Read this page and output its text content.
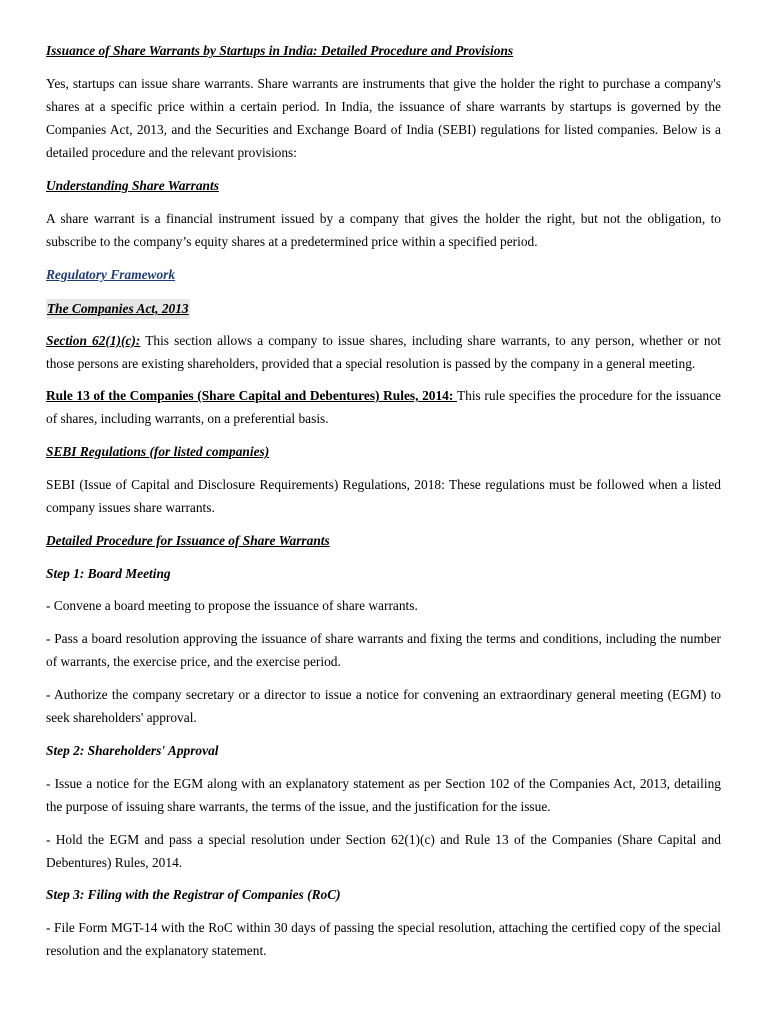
Issuance of Share Warrants by Startups in India: Detailed Procedure and Provisions

Yes, startups can issue share warrants. Share warrants are instruments that give the holder the right to purchase a company's shares at a specific price within a certain period. In India, the issuance of share warrants by startups is governed by the Companies Act, 2013, and the Securities and Exchange Board of India (SEBI) regulations for listed companies. Below is a detailed procedure and the relevant provisions:

Understanding Share Warrants

A share warrant is a financial instrument issued by a company that gives the holder the right, but not the obligation, to subscribe to the company’s equity shares at a predetermined price within a specified period.

Regulatory Framework

The Companies Act, 2013

Section 62(1)(c): This section allows a company to issue shares, including share warrants, to any person, whether or not those persons are existing shareholders, provided that a special resolution is passed by the company in a general meeting.

Rule 13 of the Companies (Share Capital and Debentures) Rules, 2014: This rule specifies the procedure for the issuance of shares, including warrants, on a preferential basis.

SEBI Regulations (for listed companies)

SEBI (Issue of Capital and Disclosure Requirements) Regulations, 2018: These regulations must be followed when a listed company issues share warrants.

Detailed Procedure for Issuance of Share Warrants

Step 1: Board Meeting

- Convene a board meeting to propose the issuance of share warrants.

- Pass a board resolution approving the issuance of share warrants and fixing the terms and conditions, including the number of warrants, the exercise price, and the exercise period.

- Authorize the company secretary or a director to issue a notice for convening an extraordinary general meeting (EGM) to seek shareholders' approval.

Step 2: Shareholders' Approval

- Issue a notice for the EGM along with an explanatory statement as per Section 102 of the Companies Act, 2013, detailing the purpose of issuing share warrants, the terms of the issue, and the justification for the issue.

- Hold the EGM and pass a special resolution under Section 62(1)(c) and Rule 13 of the Companies (Share Capital and Debentures) Rules, 2014.

Step 3: Filing with the Registrar of Companies (RoC)

- File Form MGT-14 with the RoC within 30 days of passing the special resolution, attaching the certified copy of the special resolution and the explanatory statement.
